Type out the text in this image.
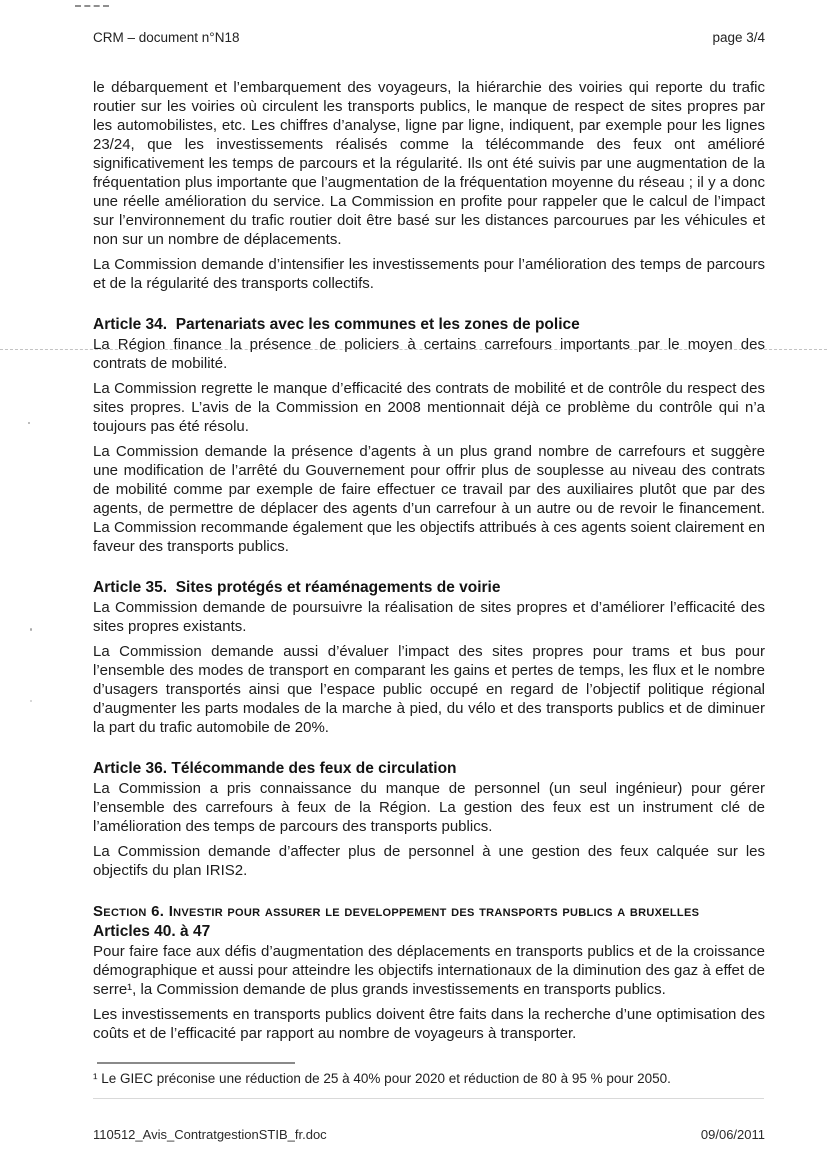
CRM – document n°N18	page 3/4

le débarquement et l’embarquement des voyageurs, la hiérarchie des voiries qui reporte du trafic routier sur les voiries où circulent les transports publics, le manque de respect de sites propres par les automobilistes, etc. Les chiffres d’analyse, ligne par ligne, indiquent, par exemple pour les lignes 23/24, que les investissements réalisés comme la télécommande des feux ont amélioré significativement les temps de parcours et la régularité. Ils ont été suivis par une augmentation de la fréquentation plus importante que l’augmentation de la fréquentation moyenne du réseau ; il y a donc une réelle amélioration du service. La Commission en profite pour rappeler que le calcul de l’impact sur l’environnement du trafic routier doit être basé sur les distances parcourues par les véhicules et non sur un nombre de déplacements.

La Commission demande d’intensifier les investissements pour l’amélioration des temps de parcours et de la régularité des transports collectifs.

Article 34.  Partenariats avec les communes et les zones de police

La Région finance la présence de policiers à certains carrefours importants par le moyen des contrats de mobilité.

La Commission regrette le manque d’efficacité des contrats de mobilité et de contrôle du respect des sites propres. L’avis de la Commission en 2008 mentionnait déjà ce problème du contrôle qui n’a toujours pas été résolu.

La Commission demande la présence d’agents à un plus grand nombre de carrefours et suggère une modification de l’arrêté du Gouvernement pour offrir plus de souplesse au niveau des contrats de mobilité comme par exemple de faire effectuer ce travail par des auxiliaires plutôt que par des agents, de permettre de déplacer des agents d’un carrefour à un autre ou de revoir le financement. La Commission recommande également que les objectifs attribués à ces agents soient clairement en faveur des transports publics.

Article 35.  Sites protégés et réaménagements de voirie

La Commission demande de poursuivre la réalisation de sites propres et d’améliorer l’efficacité des sites propres existants.

La Commission demande aussi d’évaluer l’impact des sites propres pour trams et bus pour l’ensemble des modes de transport en comparant les gains et pertes de temps, les flux et le nombre d’usagers transportés ainsi que l’espace public occupé en regard de l’objectif politique régional d’augmenter les parts modales de la marche à pied, du vélo et des transports publics et de diminuer la part du trafic automobile de 20%.

Article 36. Télécommande des feux de circulation

La Commission a pris connaissance du manque de personnel (un seul ingénieur) pour gérer l’ensemble des carrefours à feux de la Région. La gestion des feux est un instrument clé de l’amélioration des temps de parcours des transports publics.

La Commission demande d’affecter plus de personnel à une gestion des feux calquée sur les objectifs du plan IRIS2.

Section 6. Investir pour assurer le developpement des transports publics a bruxelles
Articles 40. à 47

Pour faire face aux défis d’augmentation des déplacements en transports publics et de la croissance démographique et aussi pour atteindre les objectifs internationaux de la diminution des gaz à effet de serre¹, la Commission demande de plus grands investissements en transports publics.

Les investissements en transports publics doivent être faits dans la recherche d’une optimisation des coûts et de l’efficacité par rapport au nombre de voyageurs à transporter.

¹ Le GIEC préconise une réduction de 25 à 40% pour 2020 et réduction de 80 à 95 % pour 2050.
110512_Avis_ContratgestionSTIB_fr.doc	09/06/2011
